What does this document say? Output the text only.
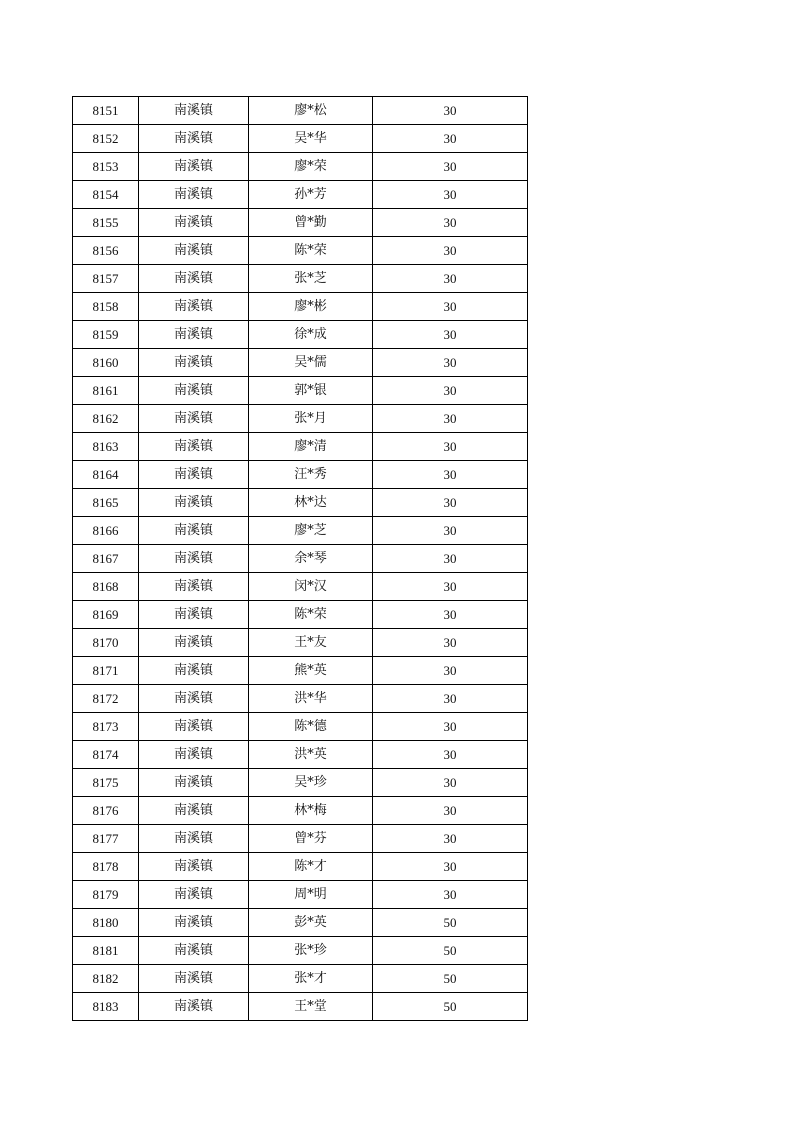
8151	南溪镇	廖*松	30
8152	南溪镇	吴*华	30
8153	南溪镇	廖*荣	30
8154	南溪镇	孙*芳	30
8155	南溪镇	曾*勤	30
8156	南溪镇	陈*荣	30
8157	南溪镇	张*芝	30
8158	南溪镇	廖*彬	30
8159	南溪镇	徐*成	30
8160	南溪镇	吴*儒	30
8161	南溪镇	郭*银	30
8162	南溪镇	张*月	30
8163	南溪镇	廖*清	30
8164	南溪镇	汪*秀	30
8165	南溪镇	林*达	30
8166	南溪镇	廖*芝	30
8167	南溪镇	余*琴	30
8168	南溪镇	闵*汉	30
8169	南溪镇	陈*荣	30
8170	南溪镇	王*友	30
8171	南溪镇	熊*英	30
8172	南溪镇	洪*华	30
8173	南溪镇	陈*德	30
8174	南溪镇	洪*英	30
8175	南溪镇	吴*珍	30
8176	南溪镇	林*梅	30
8177	南溪镇	曾*芬	30
8178	南溪镇	陈*才	30
8179	南溪镇	周*明	30
8180	南溪镇	彭*英	50
8181	南溪镇	张*珍	50
8182	南溪镇	张*才	50
8183	南溪镇	王*堂	50
